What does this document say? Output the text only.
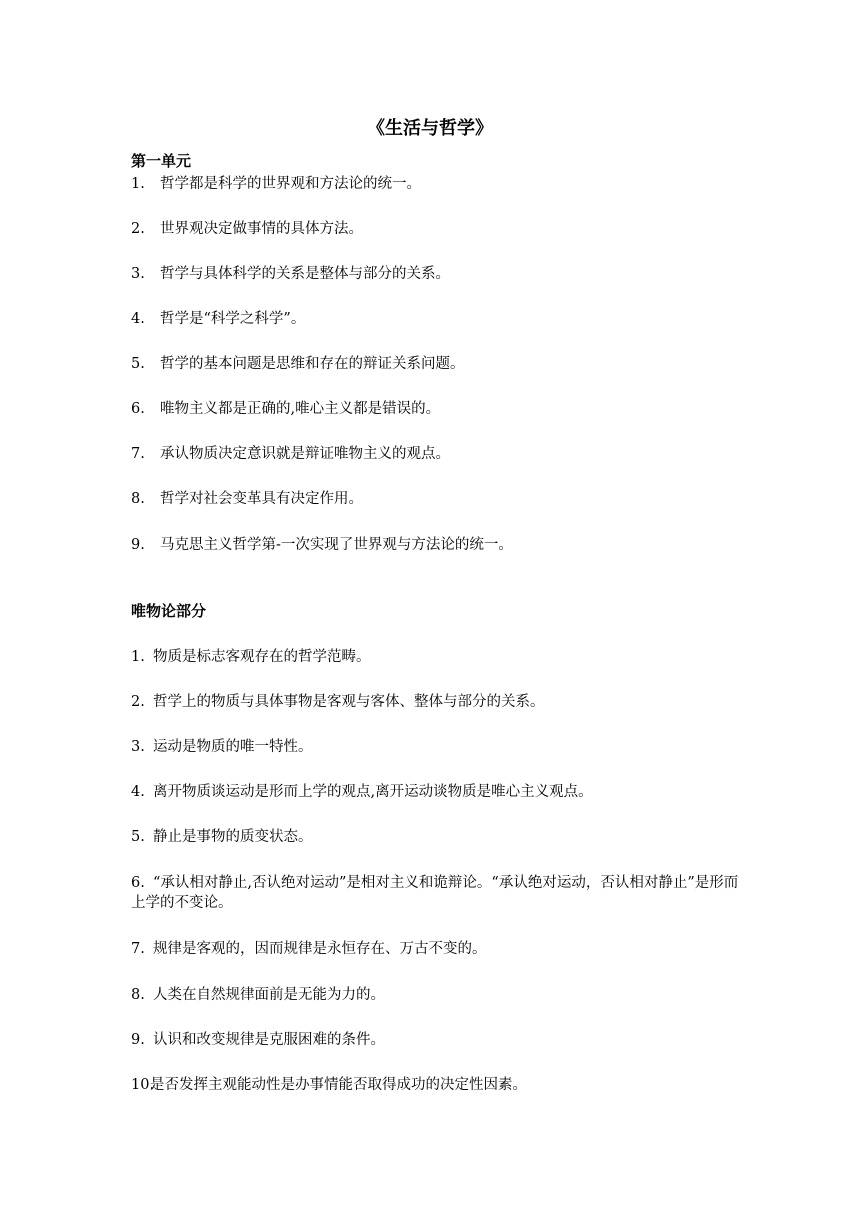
《生活与哲学》
第一单元
1. 哲学都是科学的世界观和方法论的统一。
2. 世界观决定做事情的具体方法。
3. 哲学与具体科学的关系是整体与部分的关系。
4. 哲学是“科学之科学”。
5. 哲学的基本问题是思维和存在的辩证关系问题。
6. 唯物主义都是正确的,唯心主义都是错误的。
7. 承认物质决定意识就是辩证唯物主义的观点。
8. 哲学对社会变革具有决定作用。
9. 马克思主义哲学第-一次实现了世界观与方法论的统一。
唯物论部分
1. 物质是标志客观存在的哲学范畴。
2. 哲学上的物质与具体事物是客观与客体、整体与部分的关系。
3. 运动是物质的唯一特性。
4. 离开物质谈运动是形而上学的观点,离开运动谈物质是唯心主义观点。
5. 静止是事物的质变状态。
6. “承认相对静止,否认绝对运动”是相对主义和诡辩论。“承认绝对运动，否认相对静止”是形而上学的不变论。
7. 规律是客观的，因而规律是永恒存在、万古不变的。
8. 人类在自然规律面前是无能为力的。
9. 认识和改变规律是克服困难的条件。
10.是否发挥主观能动性是办事情能否取得成功的决定性因素。
